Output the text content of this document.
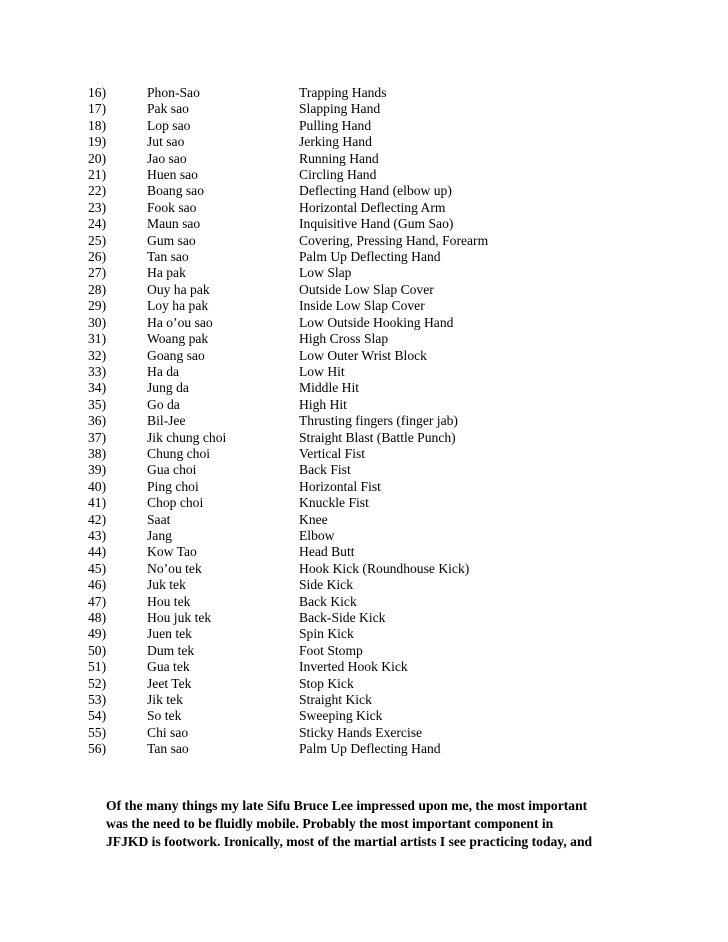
16)	Phon-Sao	Trapping Hands
17)	Pak sao	Slapping Hand
18)	Lop sao	Pulling Hand
19)	Jut sao	Jerking Hand
20)	Jao sao	Running Hand
21)	Huen sao	Circling Hand
22)	Boang sao	Deflecting Hand (elbow up)
23)	Fook sao	Horizontal Deflecting Arm
24)	Maun sao	Inquisitive Hand (Gum Sao)
25)	Gum sao	Covering, Pressing Hand, Forearm
26)	Tan sao	Palm Up Deflecting Hand
27)	Ha pak	Low Slap
28)	Ouy ha pak	Outside Low Slap Cover
29)	Loy ha pak	Inside Low Slap Cover
30)	Ha o’ou sao	Low Outside Hooking Hand
31)	Woang pak	High Cross Slap
32)	Goang sao	Low Outer Wrist Block
33)	Ha da	Low Hit
34)	Jung da	Middle Hit
35)	Go da	High Hit
36)	Bil-Jee	Thrusting fingers (finger jab)
37)	Jik chung choi	Straight Blast (Battle Punch)
38)	Chung choi	Vertical Fist
39)	Gua choi	Back Fist
40)	Ping choi	Horizontal Fist
41)	Chop choi	Knuckle Fist
42)	Saat	Knee
43)	Jang	Elbow
44)	Kow Tao	Head Butt
45)	No’ou tek	Hook Kick (Roundhouse Kick)
46)	Juk tek	Side Kick
47)	Hou tek	Back Kick
48)	Hou juk tek	Back-Side Kick
49)	Juen tek	Spin Kick
50)	Dum tek	Foot Stomp
51)	Gua tek	Inverted Hook Kick
52)	Jeet Tek	Stop Kick
53)	Jik tek	Straight Kick
54)	So tek	Sweeping Kick
55)	Chi sao	Sticky Hands Exercise
56)	Tan sao	Palm Up Deflecting Hand
Of the many things my late Sifu Bruce Lee impressed upon me, the most important
was the need to be fluidly mobile. Probably the most important component in
JFJKD is footwork. Ironically, most of the martial artists I see practicing today, and
